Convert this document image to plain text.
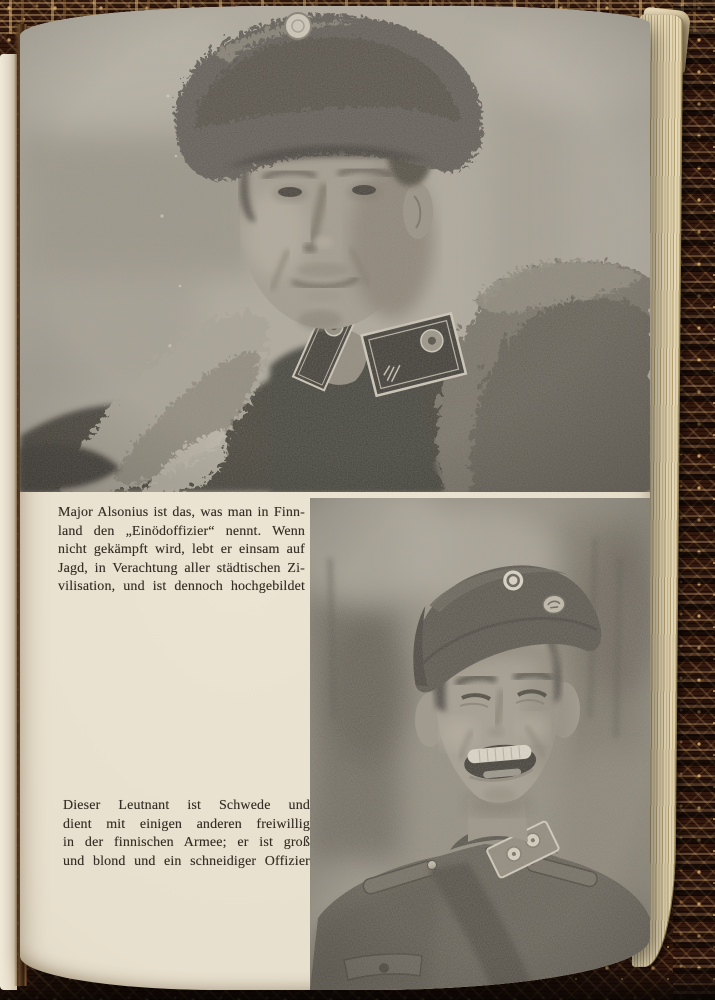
Major Alsonius ist das, was man in Finn-
land den „Einödoffizier“ nennt. Wenn
nicht gekämpft wird, lebt er einsam auf
Jagd, in Verachtung aller städtischen Zi-
vilisation, und ist dennoch hochgebildet
Dieser Leutnant ist Schwede und
dient mit einigen anderen freiwillig
in der finnischen Armee; er ist groß
und blond und ein schneidiger Offizier
